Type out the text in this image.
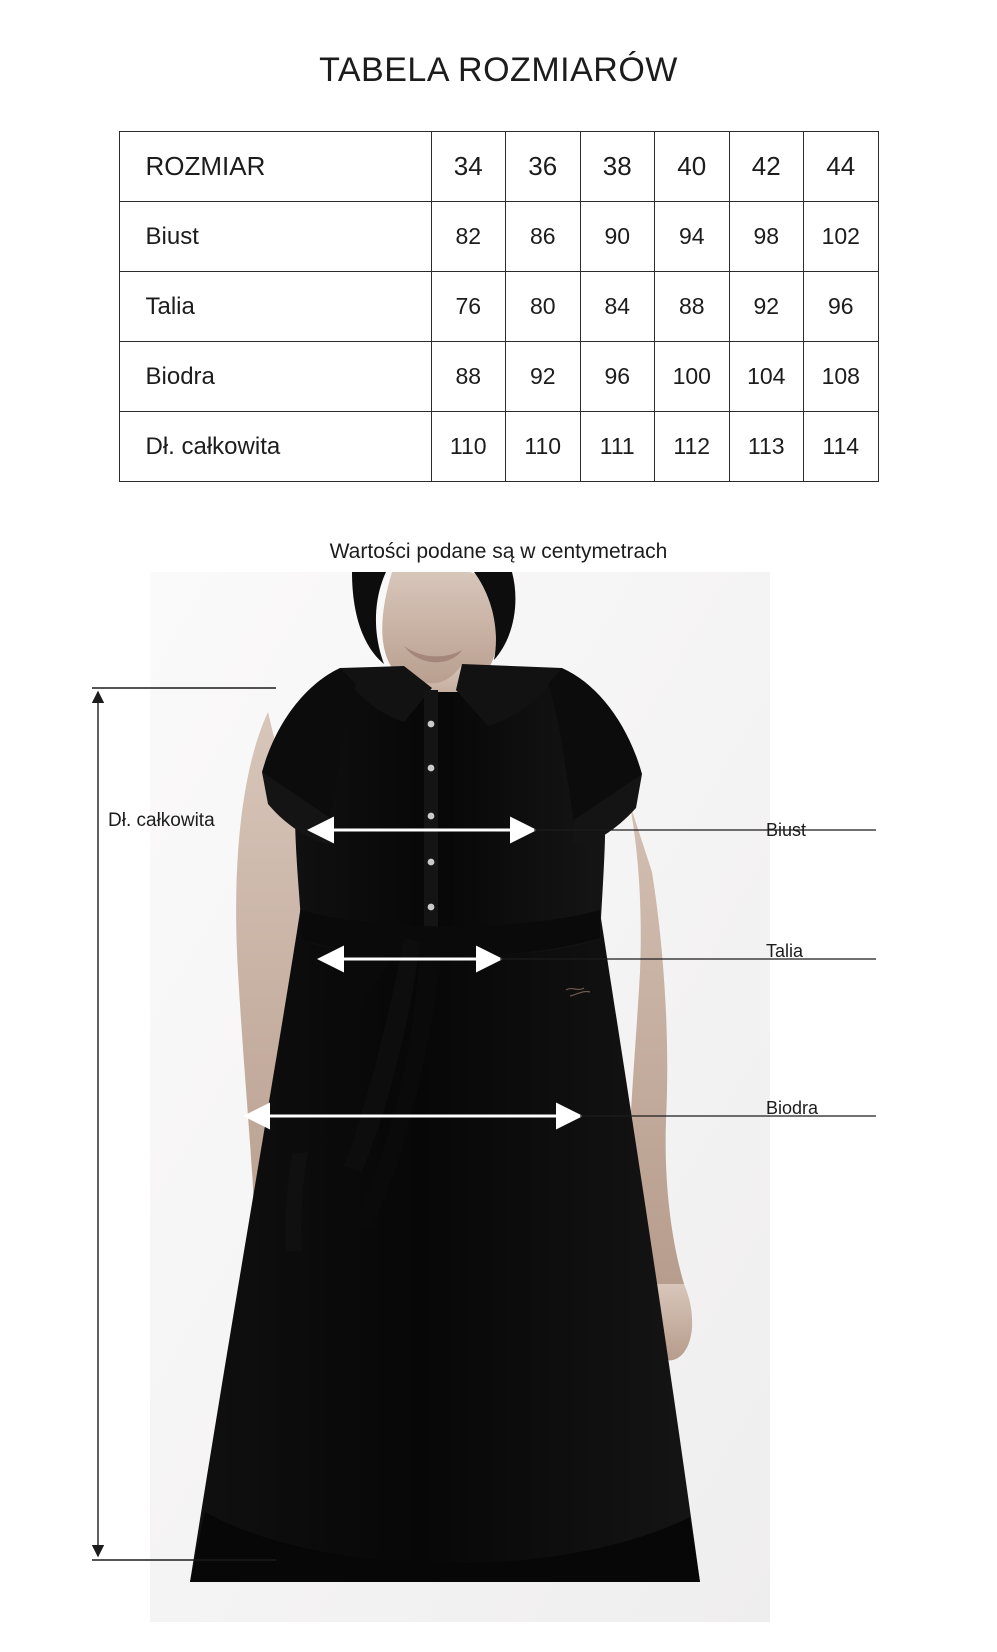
TABELA ROZMIARÓW
ROZMIAR	34	36	38	40	42	44
Biust	82	86	90	94	98	102
Talia	76	80	84	88	92	96
Biodra	88	92	96	100	104	108
Dł. całkowita	110	110	111	112	113	114
Wartości podane są w centymetrach
Dł. całkowita	Biust
Talia
Biodra
